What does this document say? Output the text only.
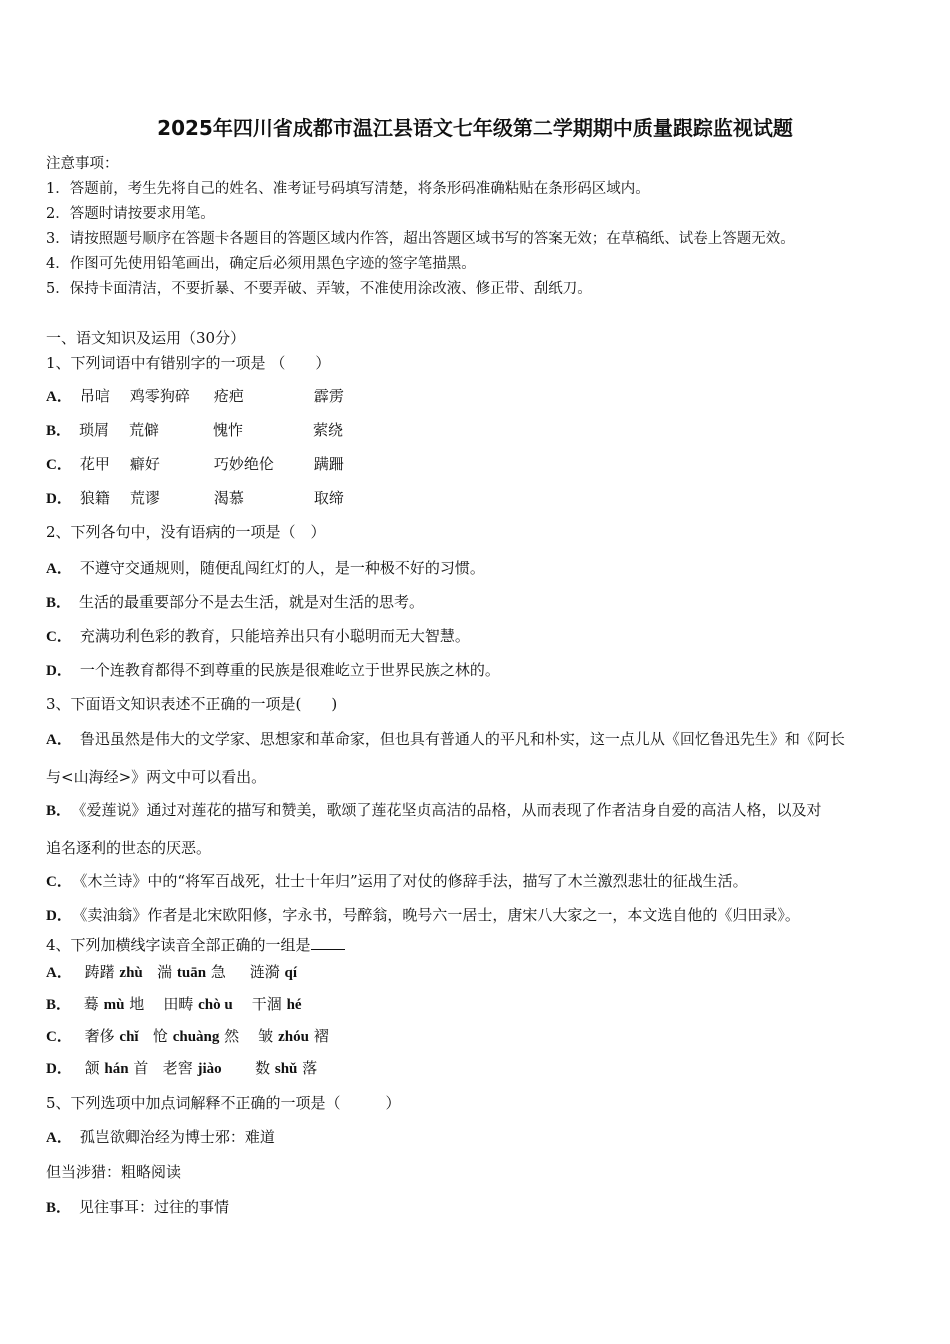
2025年四川省成都市温江县语文七年级第二学期期中质量跟踪监视试题
注意事项：
1．答题前，考生先将自己的姓名、准考证号码填写清楚，将条形码准确粘贴在条形码区域内。
2．答题时请按要求用笔。
3．请按照题号顺序在答题卡各题目的答题区域内作答，超出答题区域书写的答案无效；在草稿纸、试卷上答题无效。
4．作图可先使用铅笔画出，确定后必须用黑色字迹的签字笔描黑。
5．保持卡面清洁，不要折暴、不要弄破、弄皱，不准使用涂改液、修正带、刮纸刀。
一、语文知识及运用（30分）
1、下列词语中有错别字的一项是 （　　）
A． 吊唁 鸡零狗碎 疮疤	霹雳
B． 琐屑 荒僻	愧怍	萦绕
C． 花甲 癖好	巧妙绝伦	蹒跚
D． 狼籍 荒谬	渴慕	取缔
2、下列各句中，没有语病的一项是（　）
A． 不遵守交通规则，随便乱闯红灯的人，是一种极不好的习惯。
B． 生活的最重要部分不是去生活，就是对生活的思考。
C． 充满功利色彩的教育，只能培养出只有小聪明而无大智慧。
D． 一个连教育都得不到尊重的民族是很难屹立于世界民族之林的。
3、下面语文知识表述不正确的一项是(　　)
A． 鲁迅虽然是伟大的文学家、思想家和革命家，但也具有普通人的平凡和朴实，这一点儿从《回忆鲁迅先生》和《阿长
与<山海经>》两文中可以看出。
B． 《爱莲说》通过对莲花的描写和赞美，歌颂了莲花坚贞高洁的品格，从而表现了作者洁身自爱的高洁人格，以及对
追名逐利的世态的厌恶。
C． 《木兰诗》中的“将军百战死，壮士十年归”运用了对仗的修辞手法，描写了木兰激烈悲壮的征战生活。
D． 《卖油翁》作者是北宋欧阳修，字永书，号醉翁，晚号六一居士，唐宋八大家之一，本文选自他的《归田录》。
4、下列加横线字读音全部正确的一组是
A． 踌躇 zhù 湍 tuān 急 涟漪 qí
B． 蓦 mù 地 田畴 chò u 干涸 hé
C． 奢侈 chǐ 怆 chuàng 然 皱 zhóu 褶
D． 颔 hán 首 老窖 jiào 数 shǔ 落
5、下列选项中加点词解释不正确的一项是（　　　）
A． 孤岂欲卿治经为博士邪：难道
但当涉猎：粗略阅读
B． 见往事耳：过往的事情
